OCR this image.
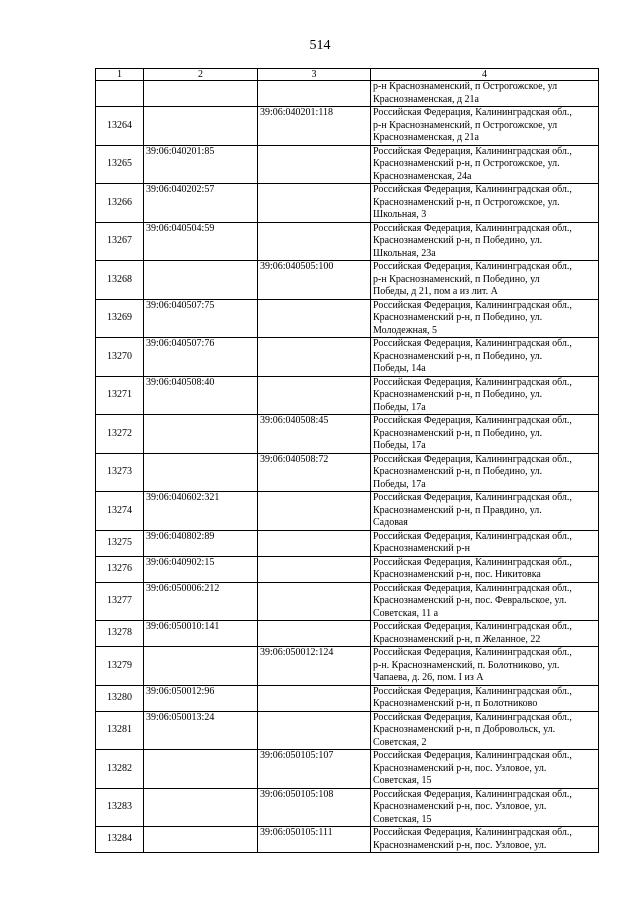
514
1	2	3	4
			р-н Краснознаменский, п Острогожское, ул
Краснознаменская, д 21а
13264		39:06:040201:118	Российская Федерация, Калининградская обл.,
р-н Краснознаменский, п Острогожское, ул
Краснознаменская, д 21а
13265	39:06:040201:85		Российская Федерация, Калининградская обл.,
Краснознаменский р-н, п Острогожское, ул.
Краснознаменская, 24а
13266	39:06:040202:57		Российская Федерация, Калининградская обл.,
Краснознаменский р-н, п Острогожское, ул.
Школьная, 3
13267	39:06:040504:59		Российская Федерация, Калининградская обл.,
Краснознаменский р-н, п Победино, ул.
Школьная, 23а
13268		39:06:040505:100	Российская Федерация, Калининградская обл.,
р-н Краснознаменский, п Победино, ул
Победы, д 21, пом а из лит. А
13269	39:06:040507:75		Российская Федерация, Калининградская обл.,
Краснознаменский р-н, п Победино, ул.
Молодежная, 5
13270	39:06:040507:76		Российская Федерация, Калининградская обл.,
Краснознаменский р-н, п Победино, ул.
Победы, 14а
13271	39:06:040508:40		Российская Федерация, Калининградская обл.,
Краснознаменский р-н, п Победино, ул.
Победы, 17а
13272		39:06:040508:45	Российская Федерация, Калининградская обл.,
Краснознаменский р-н, п Победино, ул.
Победы, 17а
13273		39:06:040508:72	Российская Федерация, Калининградская обл.,
Краснознаменский р-н, п Победино, ул.
Победы, 17а
13274	39:06:040602:321		Российская Федерация, Калининградская обл.,
Краснознаменский р-н, п Правдино, ул.
Садовая
13275	39:06:040802:89		Российская Федерация, Калининградская обл.,
Краснознаменский р-н
13276	39:06:040902:15		Российская Федерация, Калининградская обл.,
Краснознаменский р-н, пос. Никитовка
13277	39:06:050006:212		Российская Федерация, Калининградская обл.,
Краснознаменский р-н, пос. Февральское, ул.
Советская, 11 а
13278	39:06:050010:141		Российская Федерация, Калининградская обл.,
Краснознаменский р-н, п Желанное, 22
13279		39:06:050012:124	Российская Федерация, Калининградская обл.,
р-н. Краснознаменский, п. Болотниково, ул.
Чапаева, д. 26, пом. I из А
13280	39:06:050012:96		Российская Федерация, Калининградская обл.,
Краснознаменский р-н, п Болотниково
13281	39:06:050013:24		Российская Федерация, Калининградская обл.,
Краснознаменский р-н, п Добровольск, ул.
Советская, 2
13282		39:06:050105:107	Российская Федерация, Калининградская обл.,
Краснознаменский р-н, пос. Узловое, ул.
Советская, 15
13283		39:06:050105:108	Российская Федерация, Калининградская обл.,
Краснознаменский р-н, пос. Узловое, ул.
Советская, 15
13284		39:06:050105:111	Российская Федерация, Калининградская обл.,
Краснознаменский р-н, пос. Узловое, ул.
